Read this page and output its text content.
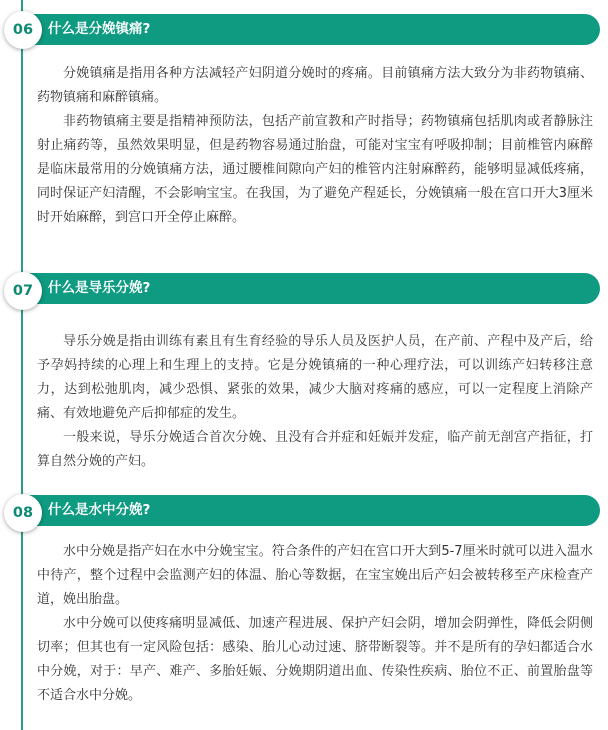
什么是分娩镇痛?
06

分娩镇痛是指用各种方法减轻产妇阴道分娩时的疼痛。目前镇痛方法大致分为非药物镇痛、药物镇痛和麻醉镇痛。

非药物镇痛主要是指精神预防法，包括产前宣教和产时指导；药物镇痛包括肌肉或者静脉注射止痛药等，虽然效果明显，但是药物容易通过胎盘，可能对宝宝有呼吸抑制；目前椎管内麻醉是临床最常用的分娩镇痛方法，通过腰椎间隙向产妇的椎管内注射麻醉药，能够明显减低疼痛，同时保证产妇清醒，不会影响宝宝。在我国，为了避免产程延长，分娩镇痛一般在宫口开大3厘米时开始麻醉，到宫口开全停止麻醉。

什么是导乐分娩?
07

导乐分娩是指由训练有素且有生育经验的导乐人员及医护人员，在产前、产程中及产后，给予孕妈持续的心理上和生理上的支持。它是分娩镇痛的一种心理疗法，可以训练产妇转移注意力，达到松弛肌肉，减少恐惧、紧张的效果，减少大脑对疼痛的感应，可以一定程度上消除产痛、有效地避免产后抑郁症的发生。

一般来说，导乐分娩适合首次分娩、且没有合并症和妊娠并发症，临产前无剖宫产指征，打算自然分娩的产妇。

什么是水中分娩?
08

水中分娩是指产妇在水中分娩宝宝。符合条件的产妇在宫口开大到5-7厘米时就可以进入温水中待产，整个过程中会监测产妇的体温、胎心等数据，在宝宝娩出后产妇会被转移至产床检查产道，娩出胎盘。

水中分娩可以使疼痛明显减低、加速产程进展、保护产妇会阴，增加会阴弹性，降低会阴侧切率；但其也有一定风险包括：感染、胎儿心动过速、脐带断裂等。并不是所有的孕妇都适合水中分娩，对于：早产、难产、多胎妊娠、分娩期阴道出血、传染性疾病、胎位不正、前置胎盘等不适合水中分娩。
